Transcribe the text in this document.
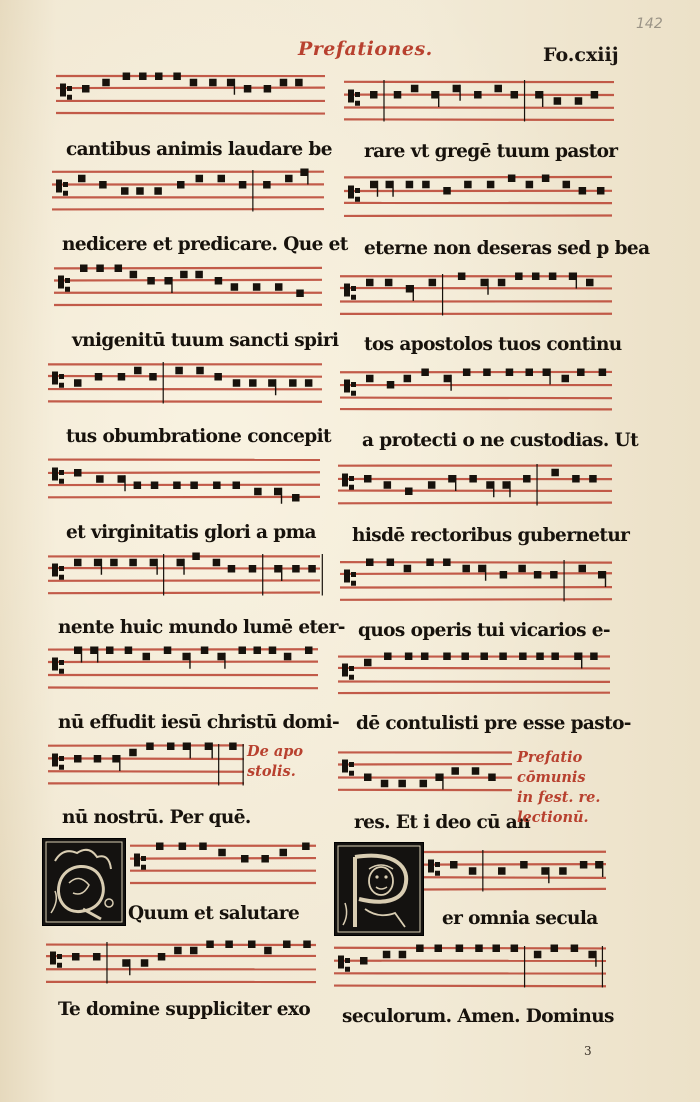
142
Prefationes.	Fo.cxiij
cantibus animis laudare be
nedicere et predicare. Que et
vnigenitū tuum sancti spiri
tus obumbratione concepit
et virginitatis glori a pma
nente huic mundo lumē eter-
nū effudit iesū christū domi-
nū nostrū. Per quē.
Quum et salutare
Te domine suppliciter exo
De apo
stolis.
rare vt gregē tuum pastor
eterne non deseras sed p bea
tos apostolos tuos continu
a protecti o ne custodias. Ut
hisdē rectoribus gubernetur
quos operis tui vicarios e-
dē contulisti pre esse pasto-
res. Et i deo cū an
er omnia secula
seculorum. Amen. Dominus
Prefatio
cōmunis
in fest. re.
lectionū.
3
